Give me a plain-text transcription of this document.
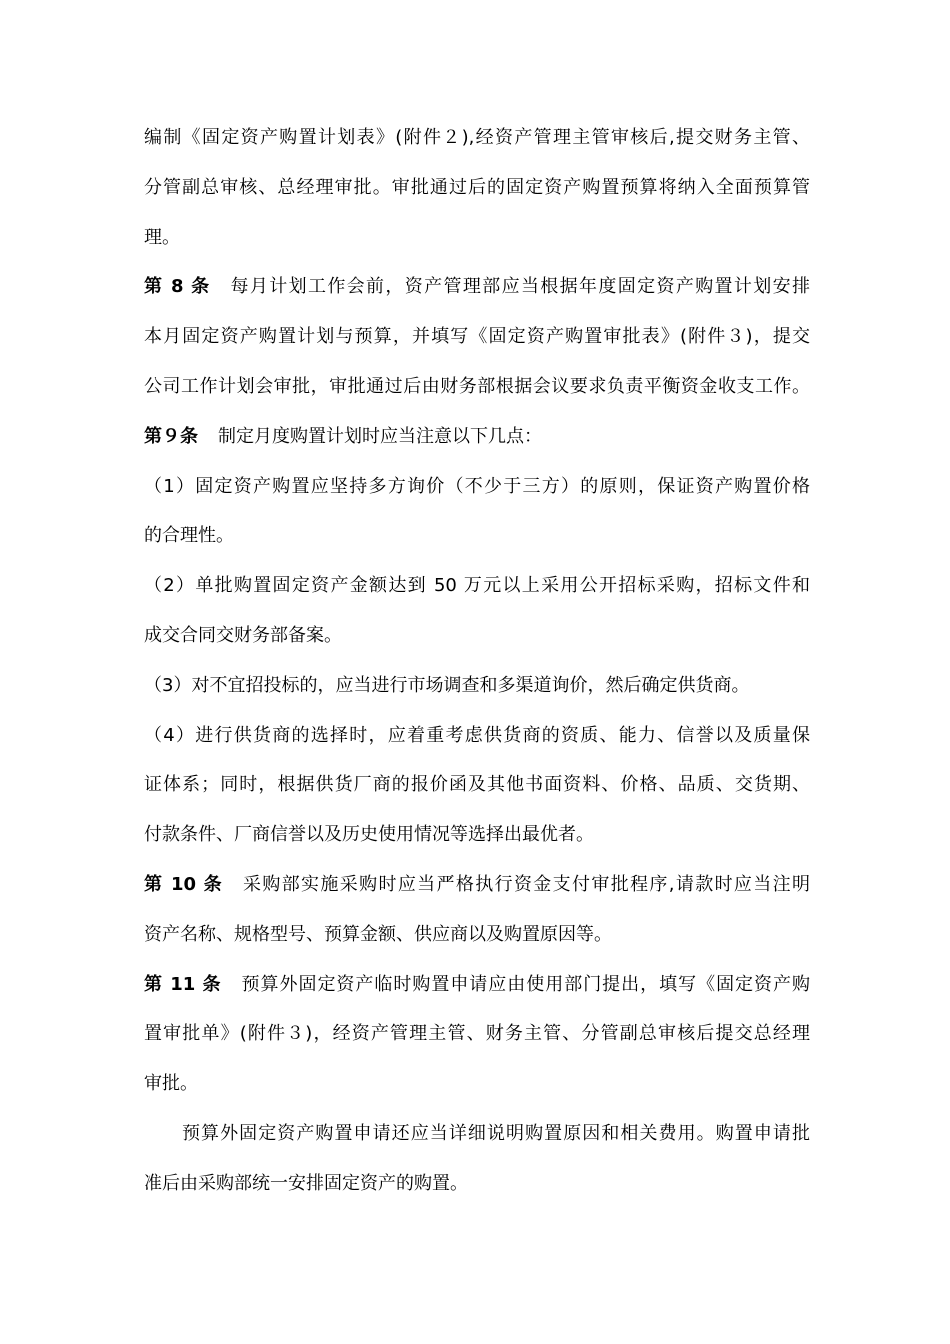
编制《固定资产购置计划表》(附件２),经资产管理主管审核后,提交财务主管、
分管副总审核、总经理审批。审批通过后的固定资产购置预算将纳入全面预算管
理。
第 8 条 每月计划工作会前，资产管理部应当根据年度固定资产购置计划安排
本月固定资产购置计划与预算，并填写《固定资产购置审批表》(附件３)，提交
公司工作计划会审批，审批通过后由财务部根据会议要求负责平衡资金收支工作。
第９条 制定月度购置计划时应当注意以下几点：
（1）固定资产购置应坚持多方询价（不少于三方）的原则，保证资产购置价格
的合理性。
（2）单批购置固定资产金额达到 50 万元以上采用公开招标采购，招标文件和
成交合同交财务部备案。
（3）对不宜招投标的，应当进行市场调查和多渠道询价，然后确定供货商。
（4）进行供货商的选择时，应着重考虑供货商的资质、能力、信誉以及质量保
证体系；同时，根据供货厂商的报价函及其他书面资料、价格、品质、交货期、
付款条件、厂商信誉以及历史使用情况等选择出最优者。
第 10 条 采购部实施采购时应当严格执行资金支付审批程序,请款时应当注明
资产名称、规格型号、预算金额、供应商以及购置原因等。
第 11 条 预算外固定资产临时购置申请应由使用部门提出，填写《固定资产购
置审批单》(附件３)，经资产管理主管、财务主管、分管副总审核后提交总经理
审批。
预算外固定资产购置申请还应当详细说明购置原因和相关费用。购置申请批
准后由采购部统一安排固定资产的购置。
